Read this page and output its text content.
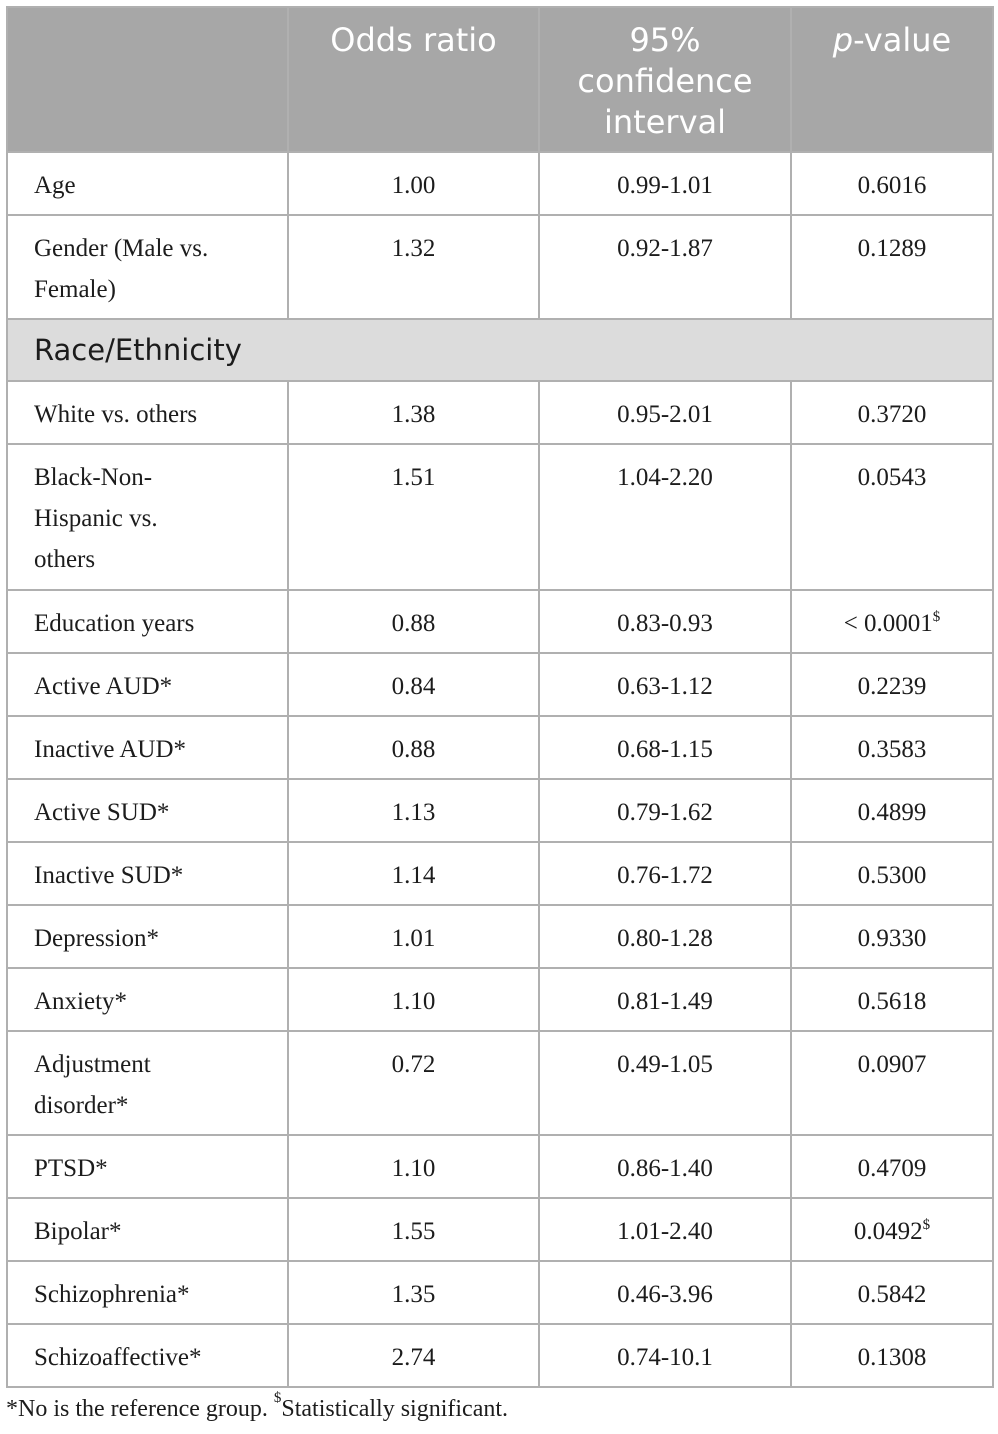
	Odds ratio	95%
confidence
interval	p-value
Age	1.00	0.99-1.01	0.6016
Gender (Male vs. Female)	1.32	0.92-1.87	0.1289
Race/Ethnicity			
White vs. others	1.38	0.95-2.01	0.3720
Black-Non-
Hispanic vs.
others	1.51	1.04-2.20	0.0543
Education years	0.88	0.83-0.93	< 0.0001$
Active AUD*	0.84	0.63-1.12	0.2239
Inactive AUD*	0.88	0.68-1.15	0.3583
Active SUD*	1.13	0.79-1.62	0.4899
Inactive SUD*	1.14	0.76-1.72	0.5300
Depression*	1.01	0.80-1.28	0.9330
Anxiety*	1.10	0.81-1.49	0.5618
Adjustment
disorder*	0.72	0.49-1.05	0.0907
PTSD*	1.10	0.86-1.40	0.4709
Bipolar*	1.55	1.01-2.40	0.0492$
Schizophrenia*	1.35	0.46-3.96	0.5842
Schizoaffective*	2.74	0.74-10.1	0.1308
*No is the reference group. $Statistically significant.
